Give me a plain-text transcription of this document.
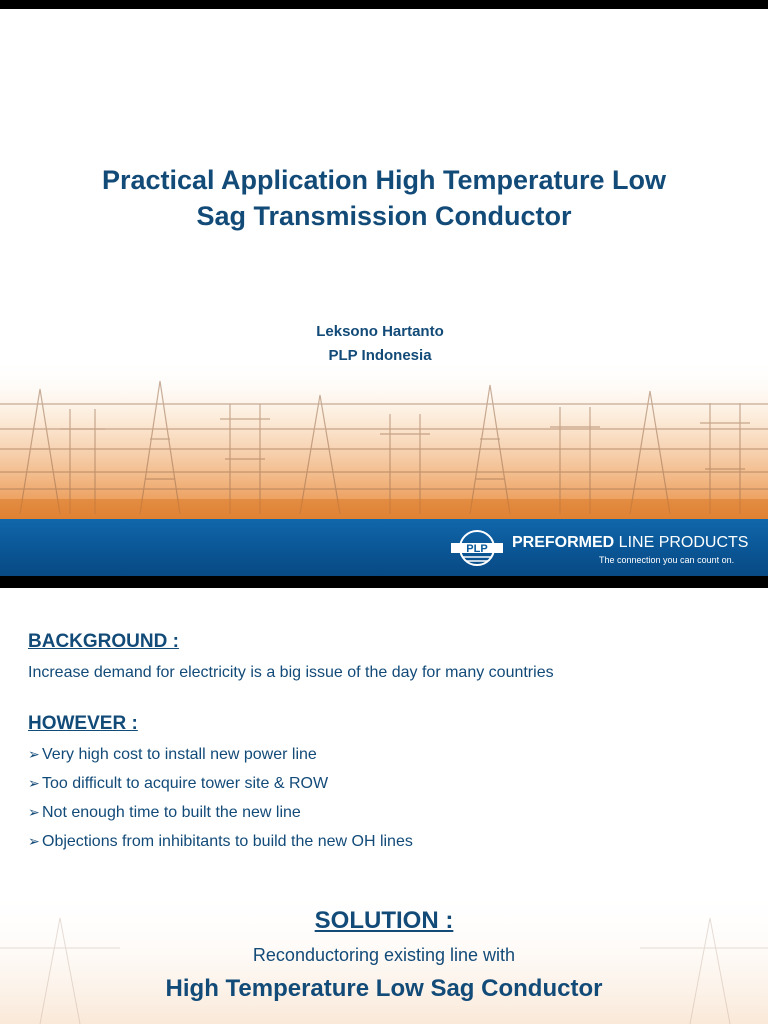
Practical Application High Temperature Low
Sag Transmission Conductor
Leksono Hartanto
PLP Indonesia
PLP PREFORMED LINE PRODUCTS
The connection you can count on.
BACKGROUND :
Increase demand for electricity is a big issue of the day for many countries
HOWEVER :
➢ Very high cost to install new power line
➢ Too difficult to acquire tower site & ROW
➢ Not enough time to built the new line
➢ Objections from inhibitants to build the new OH lines
SOLUTION :
Reconductoring existing line with
High Temperature Low Sag Conductor
